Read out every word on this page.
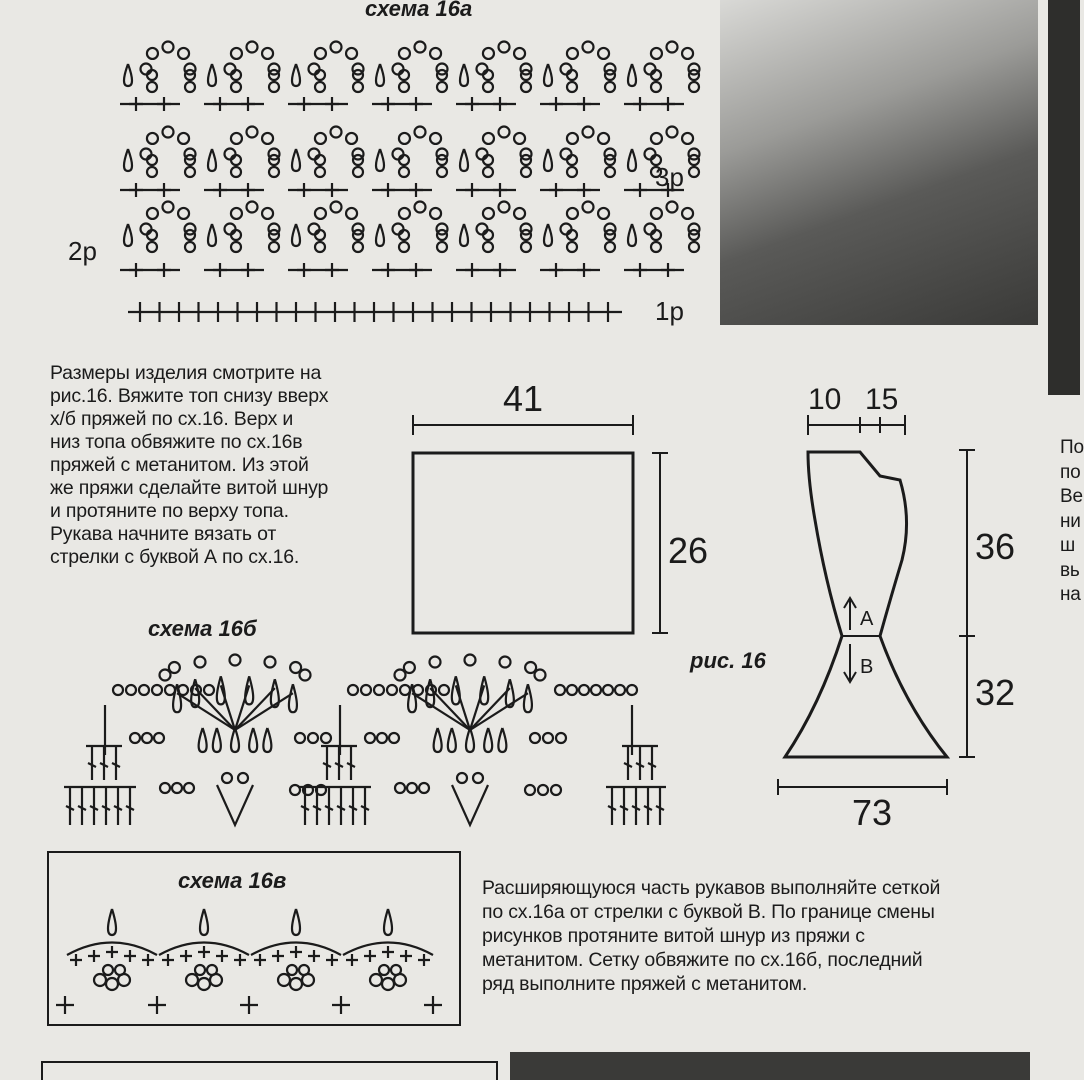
схема 16а
1р
2р
3р
Размеры изделия смотрите на
рис.16. Вяжите топ снизу вверх
х/б пряжей по сх.16. Верх и
низ топа обвяжите по сх.16в
пряжей с метанитом. Из этой
же пряжи сделайте витой шнур
и протяните по верху топа.
Рукава начните вязать от
стрелки с буквой А по сх.16.
схема 16б
схема 16в
рис. 16
41
26
10 15
36
32
73
A
B
Расширяющуюся часть рукавов выполняйте сеткой
по сх.16а от стрелки с буквой В. По границе смены
рисунков протяните витой шнур из пряжи с
метанитом. Сетку обвяжите по сх.16б, последний
ряд выполните пряжей с метанитом.
По
по
Ве
ни
ш
вь
на
